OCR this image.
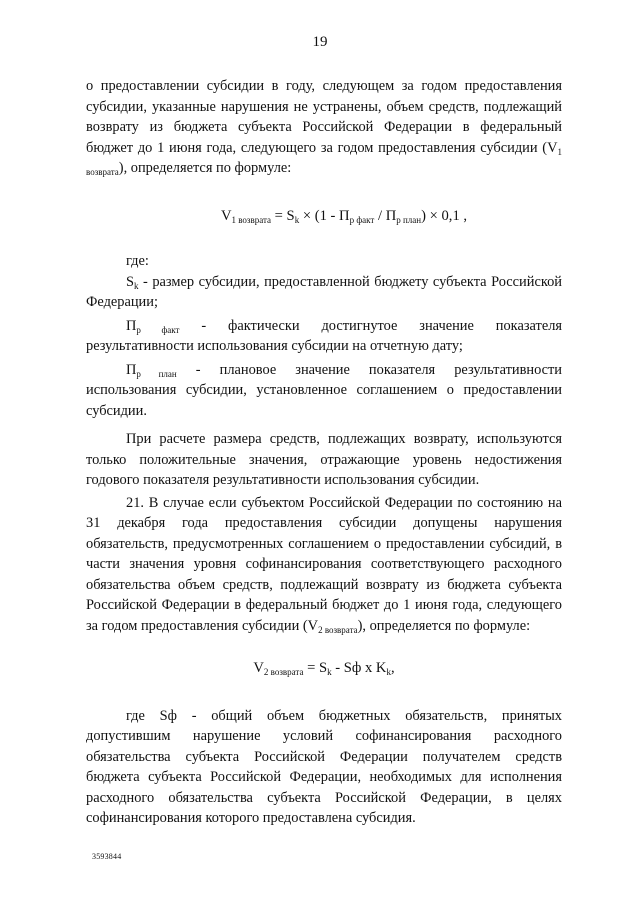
19

о предоставлении субсидии в году, следующем за годом предоставления субсидии, указанные нарушения не устранены, объем средств, подлежащий возврату из бюджета субъекта Российской Федерации в федеральный бюджет до 1 июня года, следующего за годом предоставления субсидии $(V_{1 возврата})$, определяется по формуле:

$V_{1 возврата} = S_k \times (1 - П_{р факт} / П_{р план}) \times 0,1$ ,

где:

$S_k$ - размер субсидии, предоставленной бюджету субъекта Российской Федерации;

$П_{р факт}$ - фактически достигнутое значение показателя результативности использования субсидии на отчетную дату;

$П_{р план}$ - плановое значение показателя результативности использования субсидии, установленное соглашением о предоставлении субсидии.

При расчете размера средств, подлежащих возврату, используются только положительные значения, отражающие уровень недостижения годового показателя результативности использования субсидии.

21. В случае если субъектом Российской Федерации по состоянию на 31 декабря года предоставления субсидии допущены нарушения обязательств, предусмотренных соглашением о предоставлении субсидий, в части значения уровня софинансирования соответствующего расходного обязательства объем средств, подлежащий возврату из бюджета субъекта Российской Федерации в федеральный бюджет до 1 июня года, следующего за годом предоставления субсидии $(V_{2 возврата})$, определяется по формуле:

$V_{2 возврата} = S_k$ - Sф x $K_k$,

где Sф - общий объем бюджетных обязательств, принятых допустившим нарушение условий софинансирования расходного обязательства субъекта Российской Федерации получателем средств бюджета субъекта Российской Федерации, необходимых для исполнения расходного обязательства субъекта Российской Федерации, в целях софинансирования которого предоставлена субсидия.

3593844
